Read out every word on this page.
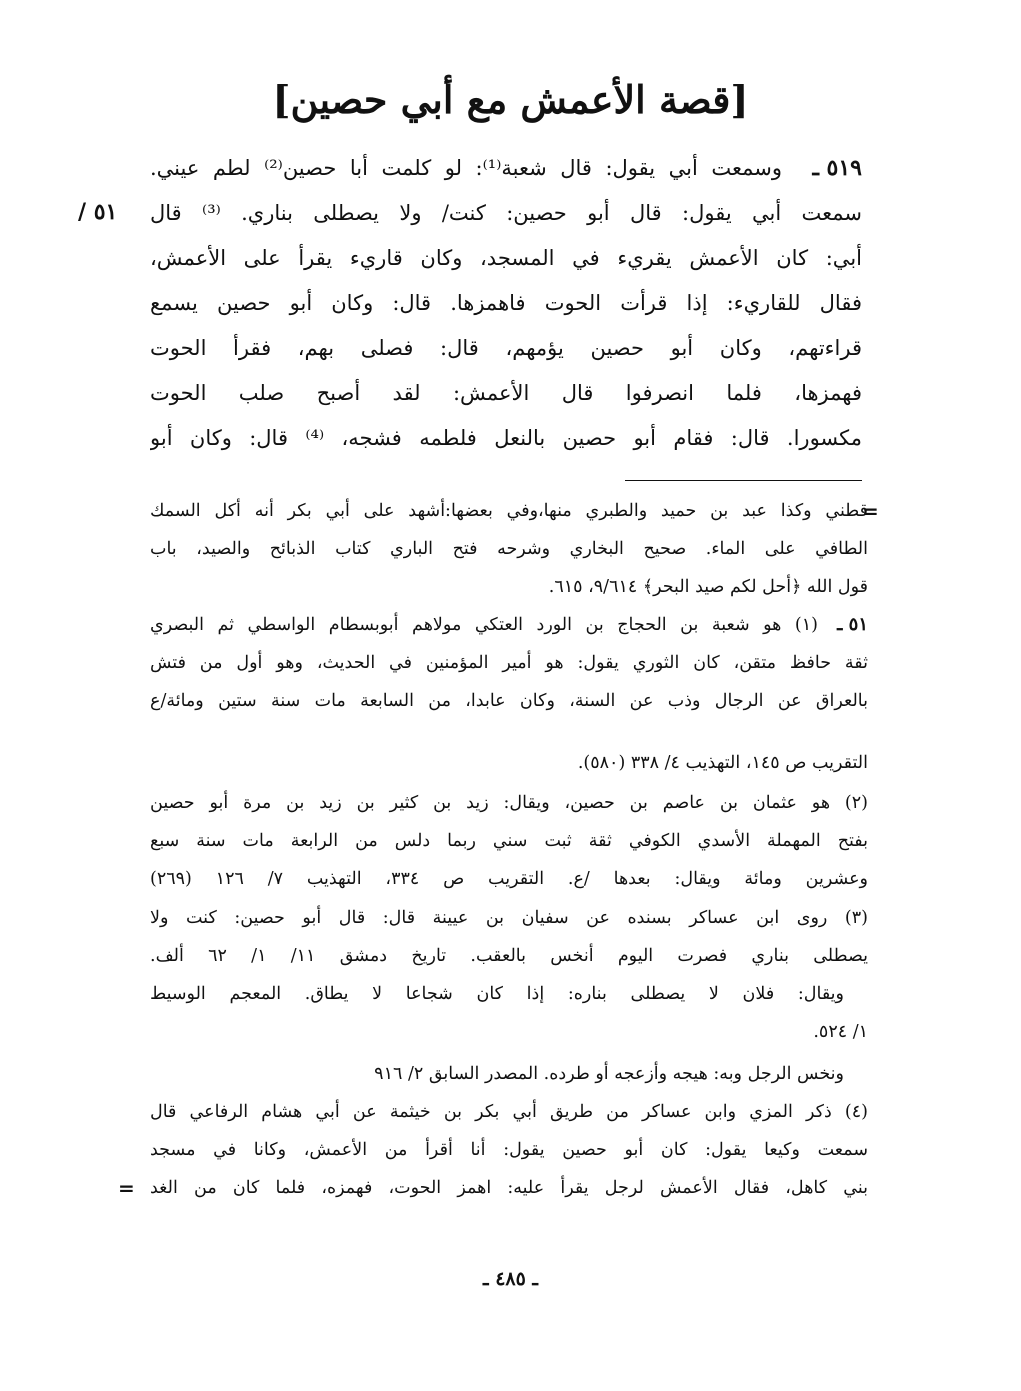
[قصة الأعمش مع أبي حصين]
٥١٩ ـ
٥١ /
وسمعت أبي يقول: قال شعبة⁽¹⁾: لو كلمت أبا حصين⁽²⁾ لطم عيني.
سمعت أبي يقول: قال أبو حصين: كنت/ ولا يصطلى بناري. ⁽³⁾ قال
أبي: كان الأعمش يقريء في المسجد، وكان قاريء يقرأ على الأعمش،
فقال للقاريء: إذا قرأت الحوت فاهمزها. قال: وكان أبو حصين يسمع
قراءتهم، وكان أبو حصين يؤمهم، قال: فصلى بهم، فقرأ الحوت
فهمزها، فلما انصرفوا قال الأعمش: لقد أصبح صلب الحوت
مكسورا. قال: فقام أبو حصين بالنعل فلطمه فشجه، ⁽⁴⁾ قال: وكان أبو
=
قطني وكذا عبد بن حميد والطبري منها،وفي بعضها:أشهد على أبي بكر أنه أكل السمك
الطافي على الماء. صحيح البخاري وشرحه فتح الباري كتاب الذبائح والصيد، باب
قول الله ﴿أحل لكم صيد البحر﴾ ٩/٦١٤، ٦١٥.
٥١ ـ
(١) هو شعبة بن الحجاج بن الورد العتكي مولاهم أبوبسطام الواسطي ثم البصري
ثقة حافظ متقن، كان الثوري يقول: هو أمير المؤمنين في الحديث، وهو أول من فتش
بالعراق عن الرجال وذب عن السنة، وكان عابدا، من السابعة مات سنة ستين ومائة/ع
التقريب ص ١٤٥، التهذيب ٤/ ٣٣٨ (٥٨٠).
(٢) هو عثمان بن عاصم بن حصين، ويقال: زيد بن كثير بن زيد بن مرة أبو حصين
بفتح المهملة الأسدي الكوفي ثقة ثبت سني ربما دلس من الرابعة مات سنة سبع
وعشرين ومائة ويقال: بعدها /ع. التقريب ص ٣٣٤، التهذيب ٧/ ١٢٦ (٢٦٩)
(٣) روى ابن عساكر بسنده عن سفيان بن عيينة قال: قال أبو حصين: كنت ولا
يصطلى بناري فصرت اليوم أنخس بالعقب. تاريخ دمشق ١١/ ١/ ٦٢ ألف.
ويقال: فلان لا يصطلى بناره: إذا كان شجاعا لا يطاق. المعجم الوسيط
١/ ٥٢٤.
ونخس الرجل وبه: هيجه وأزعجه أو طرده. المصدر السابق ٢/ ٩١٦
(٤) ذكر المزي وابن عساكر من طريق أبي بكر بن خيثمة عن أبي هشام الرفاعي قال
سمعت وكيعا يقول: كان أبو حصين يقول: أنا أقرأ من الأعمش، وكانا في مسجد
بني كاهل، فقال الأعمش لرجل يقرأ عليه: اهمز الحوت، فهمزه، فلما كان من الغد
=
ـ ٤٨٥ ـ
